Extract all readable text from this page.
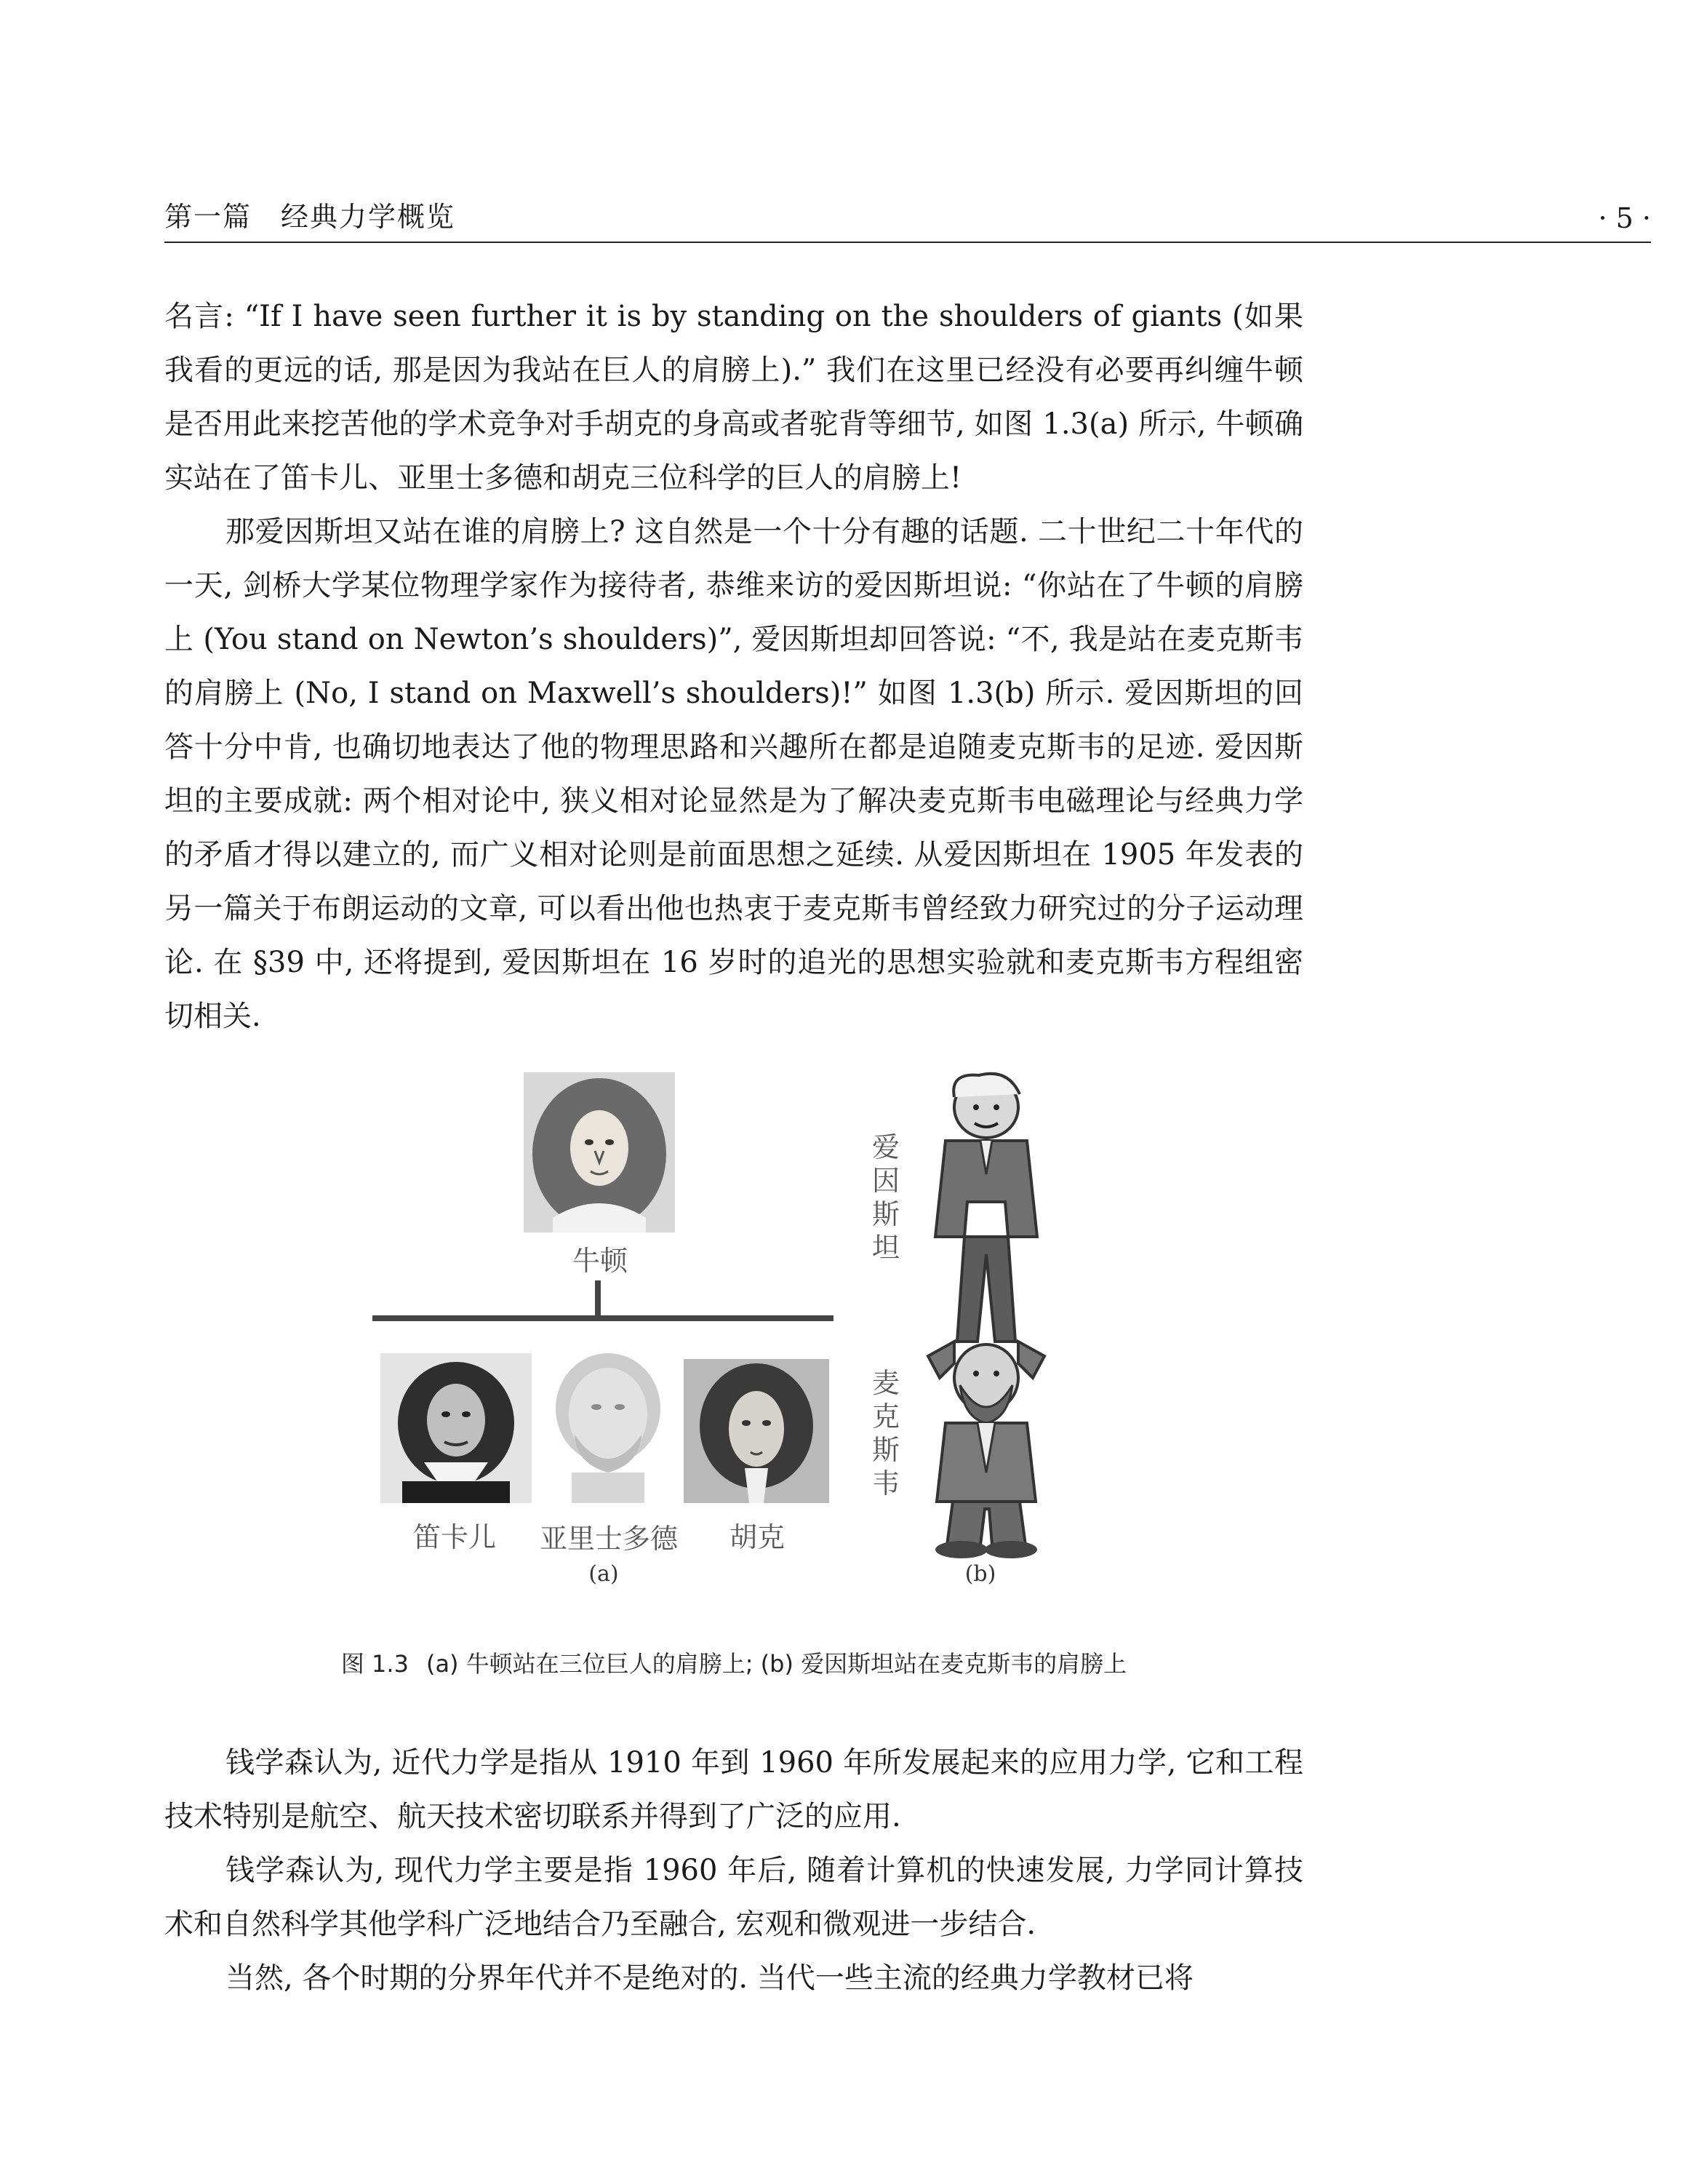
第一篇　经典力学概览	· 5 ·

名言: “If I have seen further it is by standing on the shoulders of giants (如果我看的更远的话, 那是因为我站在巨人的肩膀上).” 我们在这里已经没有必要再纠缠牛顿是否用此来挖苦他的学术竞争对手胡克的身高或者驼背等细节, 如图 1.3(a) 所示, 牛顿确实站在了笛卡儿、亚里士多德和胡克三位科学的巨人的肩膀上!

那爱因斯坦又站在谁的肩膀上? 这自然是一个十分有趣的话题. 二十世纪二十年代的一天, 剑桥大学某位物理学家作为接待者, 恭维来访的爱因斯坦说: “你站在了牛顿的肩膀上 (You stand on Newton’s shoulders)”, 爱因斯坦却回答说: “不, 我是站在麦克斯韦的肩膀上 (No, I stand on Maxwell’s shoulders)!” 如图 1.3(b) 所示. 爱因斯坦的回答十分中肯, 也确切地表达了他的物理思路和兴趣所在都是追随麦克斯韦的足迹. 爱因斯坦的主要成就: 两个相对论中, 狭义相对论显然是为了解决麦克斯韦电磁理论与经典力学的矛盾才得以建立的, 而广义相对论则是前面思想之延续. 从爱因斯坦在 1905 年发表的另一篇关于布朗运动的文章, 可以看出他也热衷于麦克斯韦曾经致力研究过的分子运动理论. 在 §39 中, 还将提到, 爱因斯坦在 16 岁时的追光的思想实验就和麦克斯韦方程组密切相关.

牛顿
笛卡儿 亚里士多德 胡克
(a)
爱因斯坦
麦克斯韦
(b)
图 1.3 (a) 牛顿站在三位巨人的肩膀上; (b) 爱因斯坦站在麦克斯韦的肩膀上

钱学森认为, 近代力学是指从 1910 年到 1960 年所发展起来的应用力学, 它和工程技术特别是航空、航天技术密切联系并得到了广泛的应用.

钱学森认为, 现代力学主要是指 1960 年后, 随着计算机的快速发展, 力学同计算技术和自然科学其他学科广泛地结合乃至融合, 宏观和微观进一步结合.

当然, 各个时期的分界年代并不是绝对的. 当代一些主流的经典力学教材已将
